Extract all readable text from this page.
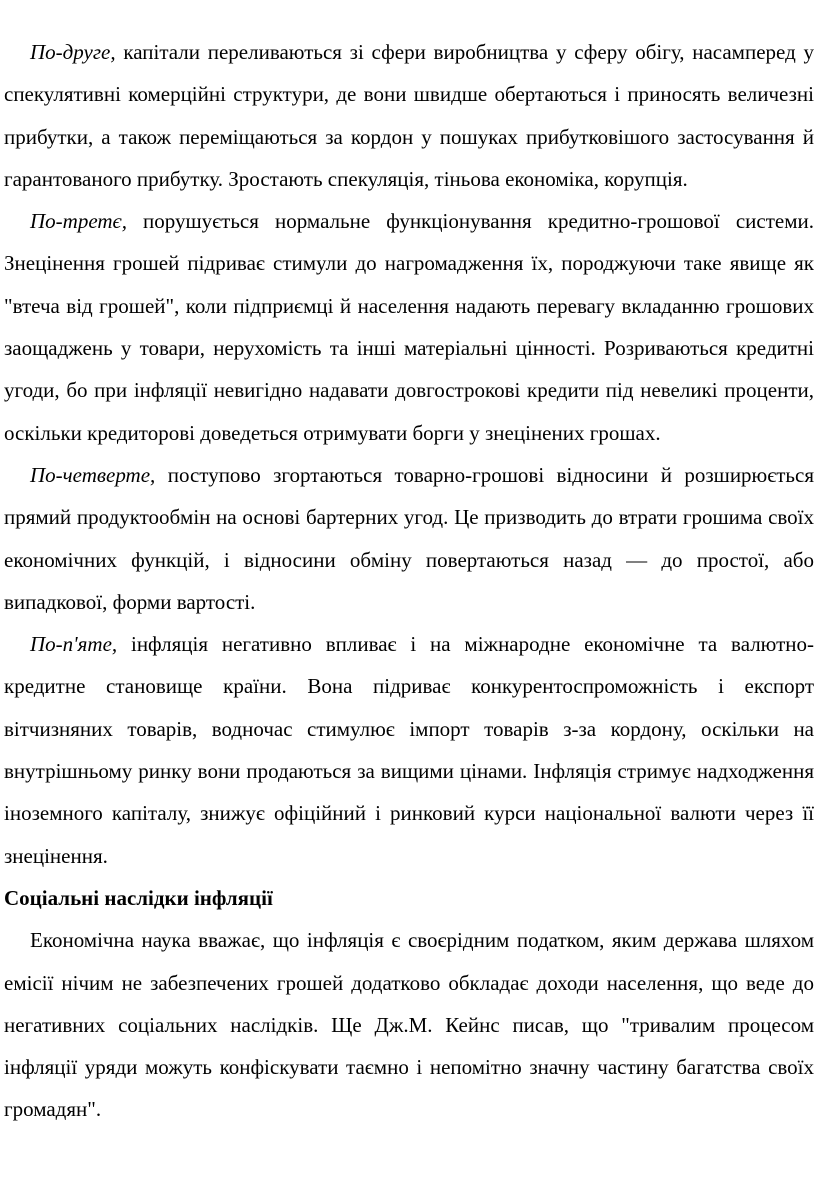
По-друге, капітали переливаються зі сфери виробництва у сферу обігу, насамперед у спекулятивні комерційні структури, де вони швидше обертаються і приносять величезні прибутки, а також переміщаються за кордон у пошуках прибутковішого застосування й гарантованого прибутку. Зростають спекуляція, тіньова економіка, корупція.

По-третє, порушується нормальне функціонування кредитно-грошової системи. Знецінення грошей підриває стимули до нагромадження їх, породжуючи таке явище як "втеча від грошей", коли підприємці й населення надають перевагу вкладанню грошових заощаджень у товари, нерухомість та інші матеріальні цінності. Розриваються кредитні угоди, бо при інфляції невигідно надавати довгострокові кредити під невеликі проценти, оскільки кредиторові доведеться отримувати борги у знецінених грошах.

По-четверте, поступово згортаються товарно-грошові відносини й розширюється прямий продуктообмін на основі бартерних угод. Це призводить до втрати грошима своїх економічних функцій, і відносини обміну повертаються назад — до простої, або випадкової, форми вартості.

По-п'яте, інфляція негативно впливає і на міжнародне економічне та валютно-кредитне становище країни. Вона підриває конкурентоспроможність і експорт вітчизняних товарів, водночас стимулює імпорт товарів з-за кордону, оскільки на внутрішньому ринку вони продаються за вищими цінами. Інфляція стримує надходження іноземного капіталу, знижує офіційний і ринковий курси національної валюти через її знецінення.

Соціальні наслідки інфляції

Економічна наука вважає, що інфляція є своєрідним податком, яким держава шляхом емісії нічим не забезпечених грошей додатково обкладає доходи населення, що веде до негативних соціальних наслідків. Ще Дж.М. Кейнс писав, що "тривалим процесом інфляції уряди можуть конфіскувати таємно і непомітно значну частину багатства своїх громадян".
